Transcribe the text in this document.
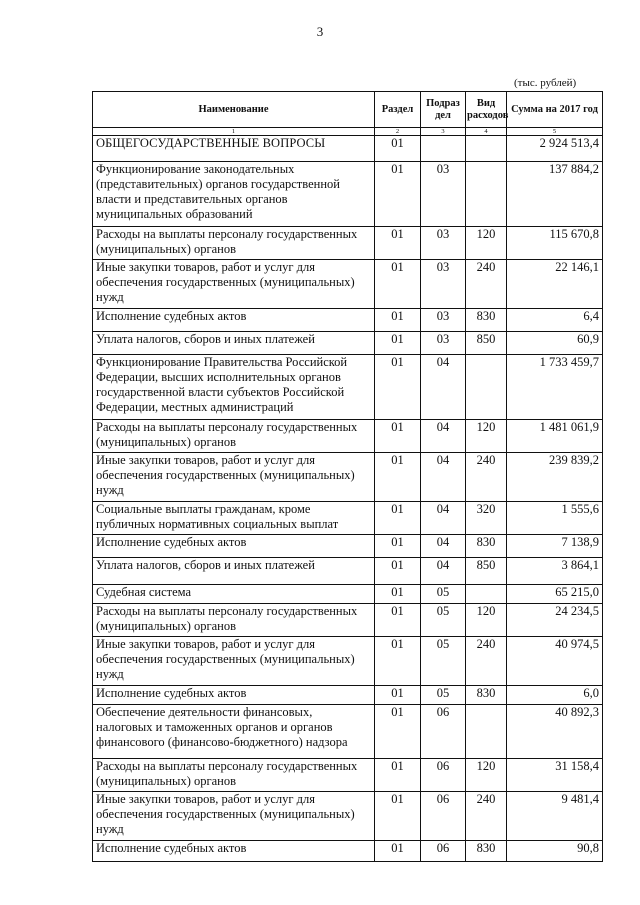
3
(тыс. рублей)
Наименование	Раздел	Подраз дел	Вид расходов	Сумма на 2017 год
1	2	3	4	5
ОБЩЕГОСУДАРСТВЕННЫЕ ВОПРОСЫ	01			2 924 513,4
Функционирование законодательных (представительных) органов государственной власти и представительных органов муниципальных образований	01	03		137 884,2
Расходы на выплаты персоналу государственных (муниципальных) органов	01	03	120	115 670,8
Иные закупки товаров, работ и услуг для обеспечения государственных (муниципальных) нужд	01	03	240	22 146,1
Исполнение судебных актов	01	03	830	6,4
Уплата налогов, сборов и иных платежей	01	03	850	60,9
Функционирование Правительства Российской Федерации, высших исполнительных органов государственной власти субъектов Российской Федерации, местных администраций	01	04		1 733 459,7
Расходы на выплаты персоналу государственных (муниципальных) органов	01	04	120	1 481 061,9
Иные закупки товаров, работ и услуг для обеспечения государственных (муниципальных) нужд	01	04	240	239 839,2
Социальные выплаты гражданам, кроме публичных нормативных социальных выплат	01	04	320	1 555,6
Исполнение судебных актов	01	04	830	7 138,9
Уплата налогов, сборов и иных платежей	01	04	850	3 864,1
Судебная система	01	05		65 215,0
Расходы на выплаты персоналу государственных (муниципальных) органов	01	05	120	24 234,5
Иные закупки товаров, работ и услуг для обеспечения государственных (муниципальных) нужд	01	05	240	40 974,5
Исполнение судебных актов	01	05	830	6,0
Обеспечение деятельности финансовых, налоговых и таможенных органов и органов финансового (финансово-бюджетного) надзора	01	06		40 892,3
Расходы на выплаты персоналу государственных (муниципальных) органов	01	06	120	31 158,4
Иные закупки товаров, работ и услуг для обеспечения государственных (муниципальных) нужд	01	06	240	9 481,4
Исполнение судебных актов	01	06	830	90,8
